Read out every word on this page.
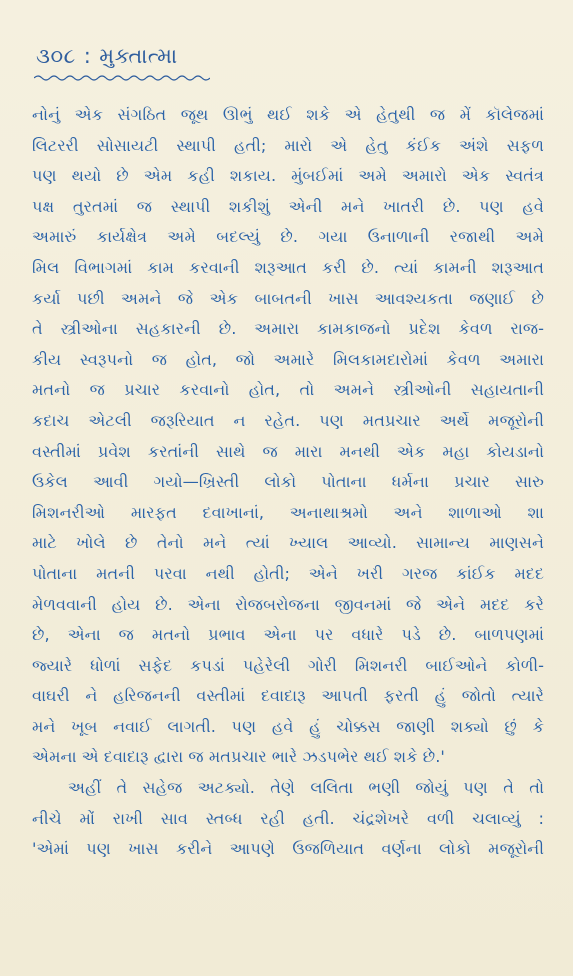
૩૦૮ : મુક્તાત્મા
નોનું એક સંગઠિત જૂથ ઊભું થઈ શકે એ હેતુથી જ મેં કૉલેજમાં
લિટરરી સોસાયટી સ્થાપી હતી; મારો એ હેતુ કંઈક અંશે સફળ
પણ થયો છે એમ કહી શકાય. મુંબઈમાં અમે અમારો એક સ્વતંત્ર
પક્ષ તુરતમાં જ સ્થાપી શકીશું એની મને ખાતરી છે. પણ હવે
અમારું કાર્યક્ષેત્ર અમે બદલ્યું છે. ગયા ઉનાળાની રજાથી અમે
મિલ વિભાગમાં કામ કરવાની શરૂઆત કરી છે. ત્યાં કામની શરૂઆત
કર્યા પછી અમને જે એક બાબતની ખાસ આવશ્યકતા જણાઈ છે
તે સ્ત્રીઓના સહકારની છે. અમારા કામકાજનો પ્રદેશ કેવળ રાજ-
કીય સ્વરૂપનો જ હોત, જો અમારે મિલકામદારોમાં કેવળ અમારા
મતનો જ પ્રચાર કરવાનો હોત, તો અમને સ્ત્રીઓની સહાયતાની
કદાચ એટલી જરૂરિયાત ન રહેત. પણ મતપ્રચાર અર્થે મજૂરોની
વસ્તીમાં પ્રવેશ કરતાંની સાથે જ મારા મનથી એક મહા કોયડાનો
ઉકેલ આવી ગયો—ખ્રિસ્તી લોકો પોતાના ધર્મના પ્રચાર સારુ
મિશનરીઓ મારફત દવાખાનાં, અનાથાશ્રમો અને શાળાઓ શા
માટે ખોલે છે તેનો મને ત્યાં ખ્યાલ આવ્યો. સામાન્ય માણસને
પોતાના મતની પરવા નથી હોતી; એને ખરી ગરજ કાંઈક મદદ
મેળવવાની હોય છે. એના રોજબરોજના જીવનમાં જે એને મદદ કરે
છે, એના જ મતનો પ્રભાવ એના પર વધારે પડે છે. બાળપણમાં
જ્યારે ધોળાં સફેદ કપડાં પહેરેલી ગોરી મિશનરી બાઈઓને કોળી-
વાઘરી ને હરિજનની વસ્તીમાં દવાદારૂ આપતી ફરતી હું જોતો ત્યારે
મને ખૂબ નવાઈ લાગતી. પણ હવે હું ચોક્કસ જાણી શક્યો છું કે
એમના એ દવાદારૂ દ્વારા જ મતપ્રચાર ભારે ઝડપભેર થઈ શકે છે.'
અહીં તે સહેજ અટક્યો. તેણે લલિતા ભણી જોયું પણ તે તો
નીચે મોં રાખી સાવ સ્તબ્ધ રહી હતી. ચંદ્રશેખરે વળી ચલાવ્યું :
'એમાં પણ ખાસ કરીને આપણે ઉજળિયાત વર્ણના લોકો મજૂરોની
